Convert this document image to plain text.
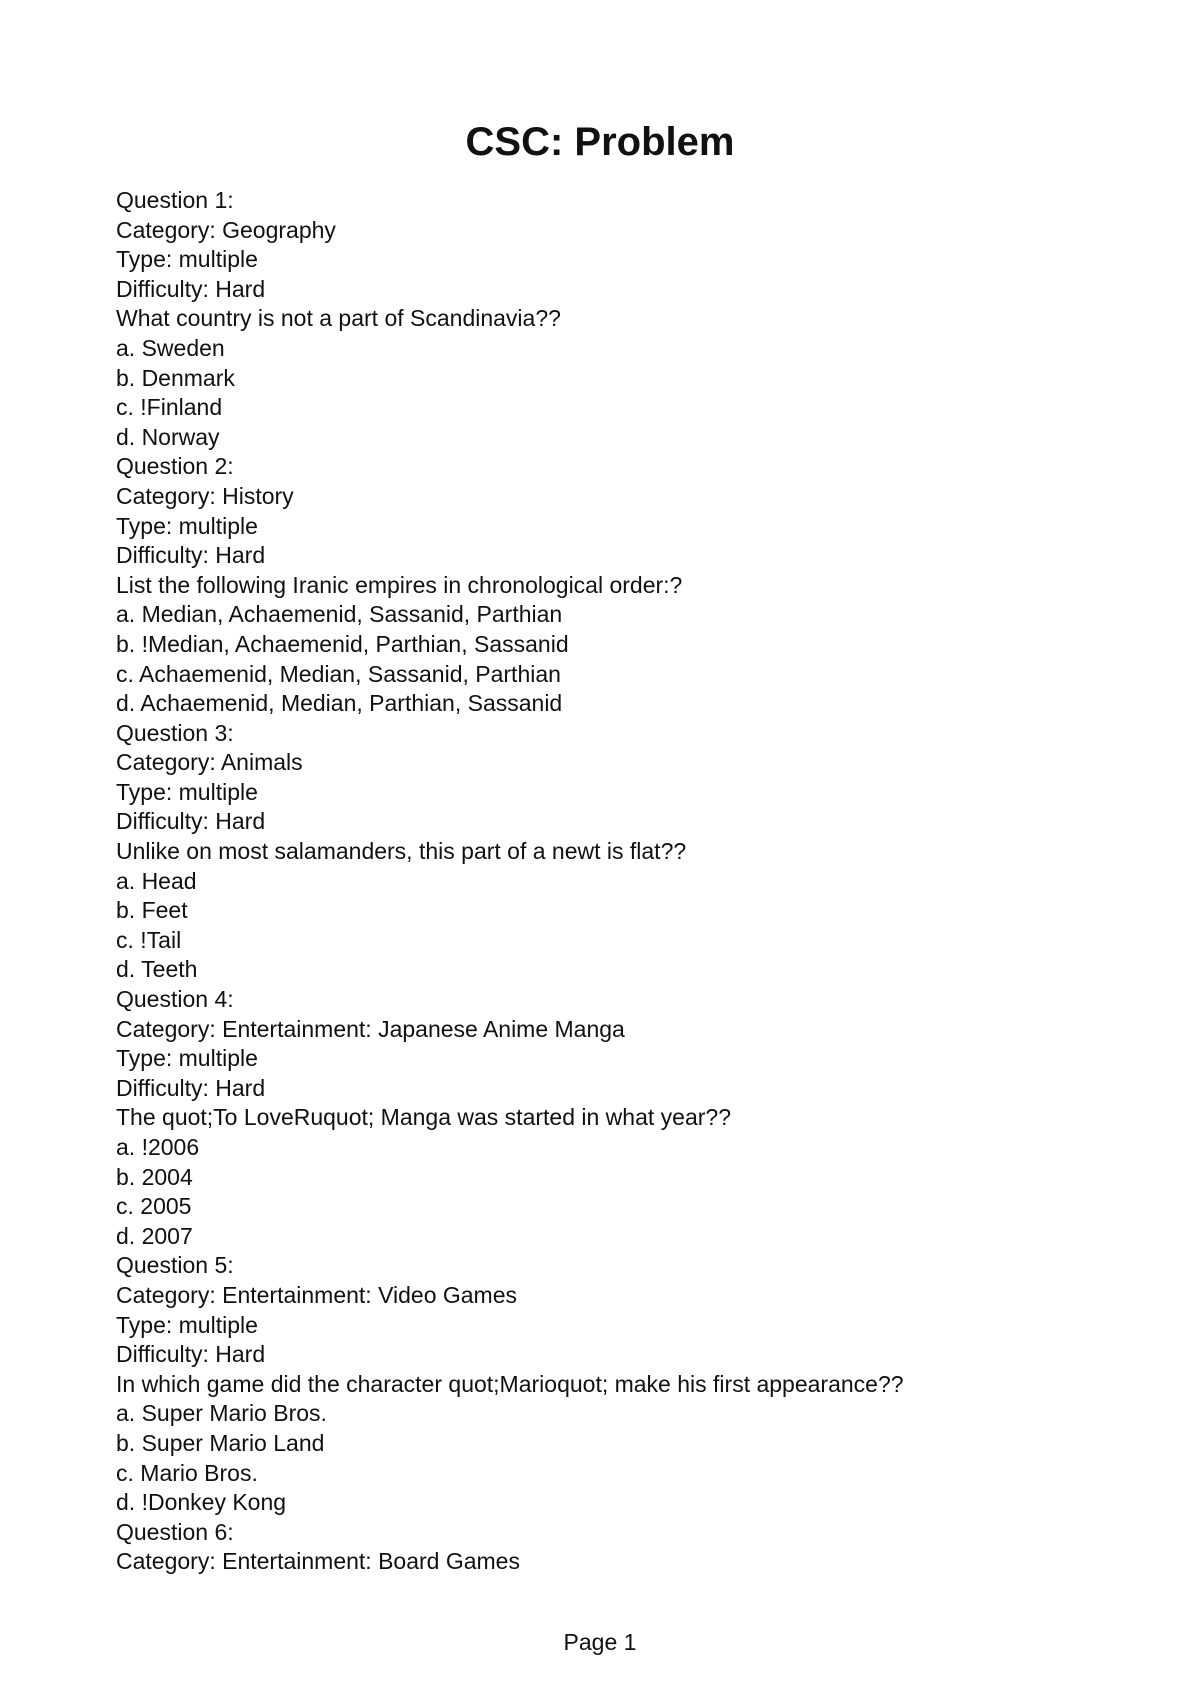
CSC: Problem
Question 1:
Category: Geography
Type: multiple
Difficulty: Hard
What country is not a part of Scandinavia??
a. Sweden
b. Denmark
c. !Finland
d. Norway
Question 2:
Category: History
Type: multiple
Difficulty: Hard
List the following Iranic empires in chronological order:?
a. Median, Achaemenid, Sassanid, Parthian
b. !Median, Achaemenid, Parthian, Sassanid
c. Achaemenid, Median, Sassanid, Parthian
d. Achaemenid, Median, Parthian, Sassanid
Question 3:
Category: Animals
Type: multiple
Difficulty: Hard
Unlike on most salamanders, this part of a newt is flat??
a. Head
b. Feet
c. !Tail
d. Teeth
Question 4:
Category: Entertainment: Japanese Anime Manga
Type: multiple
Difficulty: Hard
The quot;To LoveRuquot; Manga was started in what year??
a. !2006
b. 2004
c. 2005
d. 2007
Question 5:
Category: Entertainment: Video Games
Type: multiple
Difficulty: Hard
In which game did the character quot;Marioquot; make his first appearance??
a. Super Mario Bros.
b. Super Mario Land
c. Mario Bros.
d. !Donkey Kong
Question 6:
Category: Entertainment: Board Games
Page 1
